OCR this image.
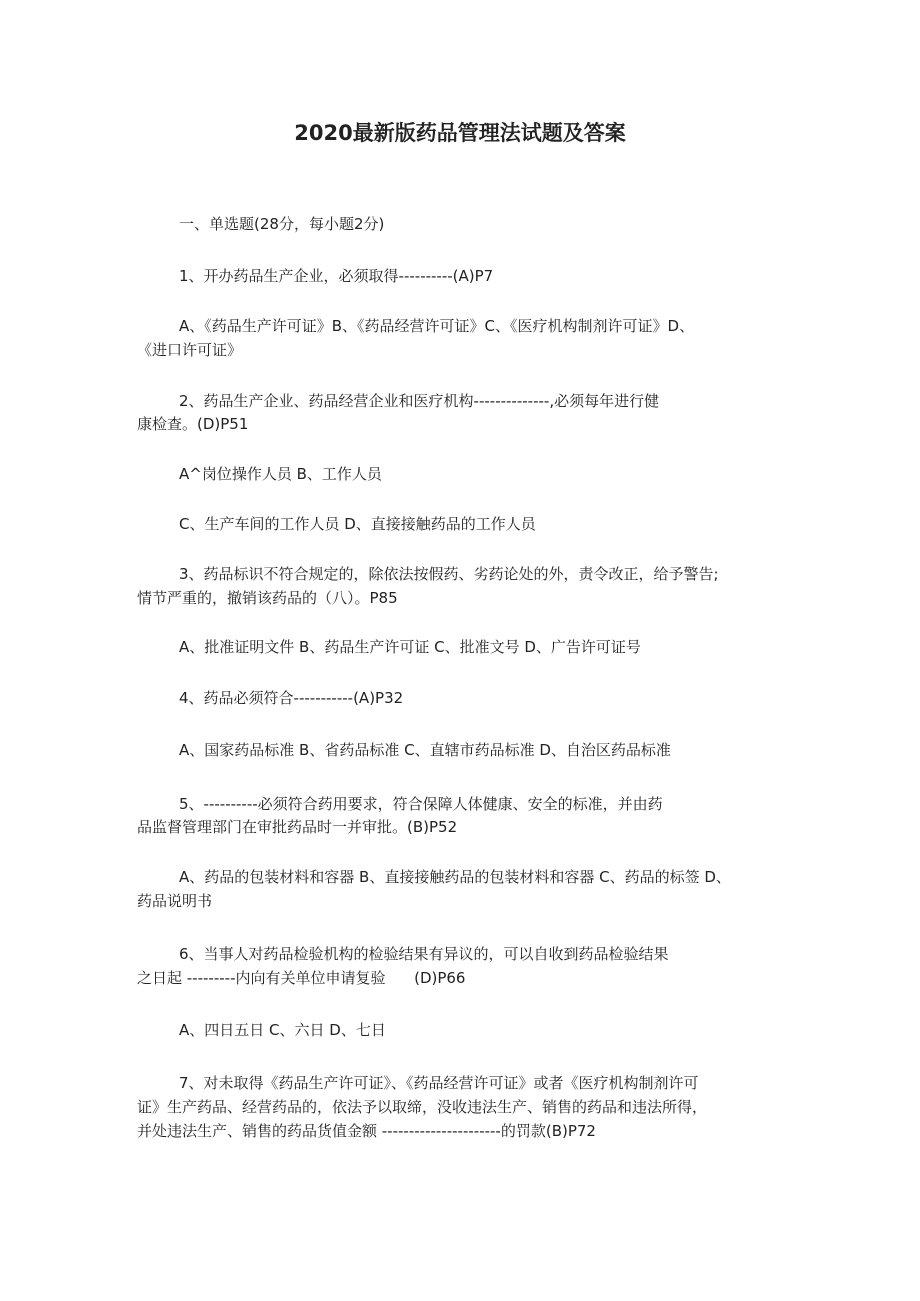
2020最新版药品管理法试题及答案
一、单选题(28分，每小题2分)
1、开办药品生产企业，必须取得----------(A)P7
A、《药品生产许可证》B、《药品经营许可证》C、《医疗机构制剂许可证》D、
《进口许可证》
2、药品生产企业、药品经营企业和医疗机构--------------,必须每年进行健
康检查。(D)P51
A^岗位操作人员 B、工作人员
C、生产车间的工作人员 D、直接接触药品的工作人员
3、药品标识不符合规定的，除依法按假药、劣药论处的外，责令改正，给予警告;
情节严重的，撤销该药品的（八）。P85
A、批准证明文件 B、药品生产许可证 C、批准文号 D、广告许可证号
4、药品必须符合-----------(A)P32
A、国家药品标准 B、省药品标准 C、直辖市药品标准 D、自治区药品标准
5、----------必须符合药用要求，符合保障人体健康、安全的标准，并由药
品监督管理部门在审批药品时一并审批。(B)P52
A、药品的包装材料和容器 B、直接接触药品的包装材料和容器 C、药品的标签 D、
药品说明书
6、当事人对药品检验机构的检验结果有异议的，可以自收到药品检验结果
之日起 ---------内向有关单位申请复验      (D)P66
A、四日五日 C、六日 D、七日
7、对未取得《药品生产许可证》、《药品经营许可证》或者《医疗机构制剂许可
证》生产药品、经营药品的，依法予以取缔，没收违法生产、销售的药品和违法所得，
并处违法生产、销售的药品货值金额 ----------------------的罚款(B)P72
